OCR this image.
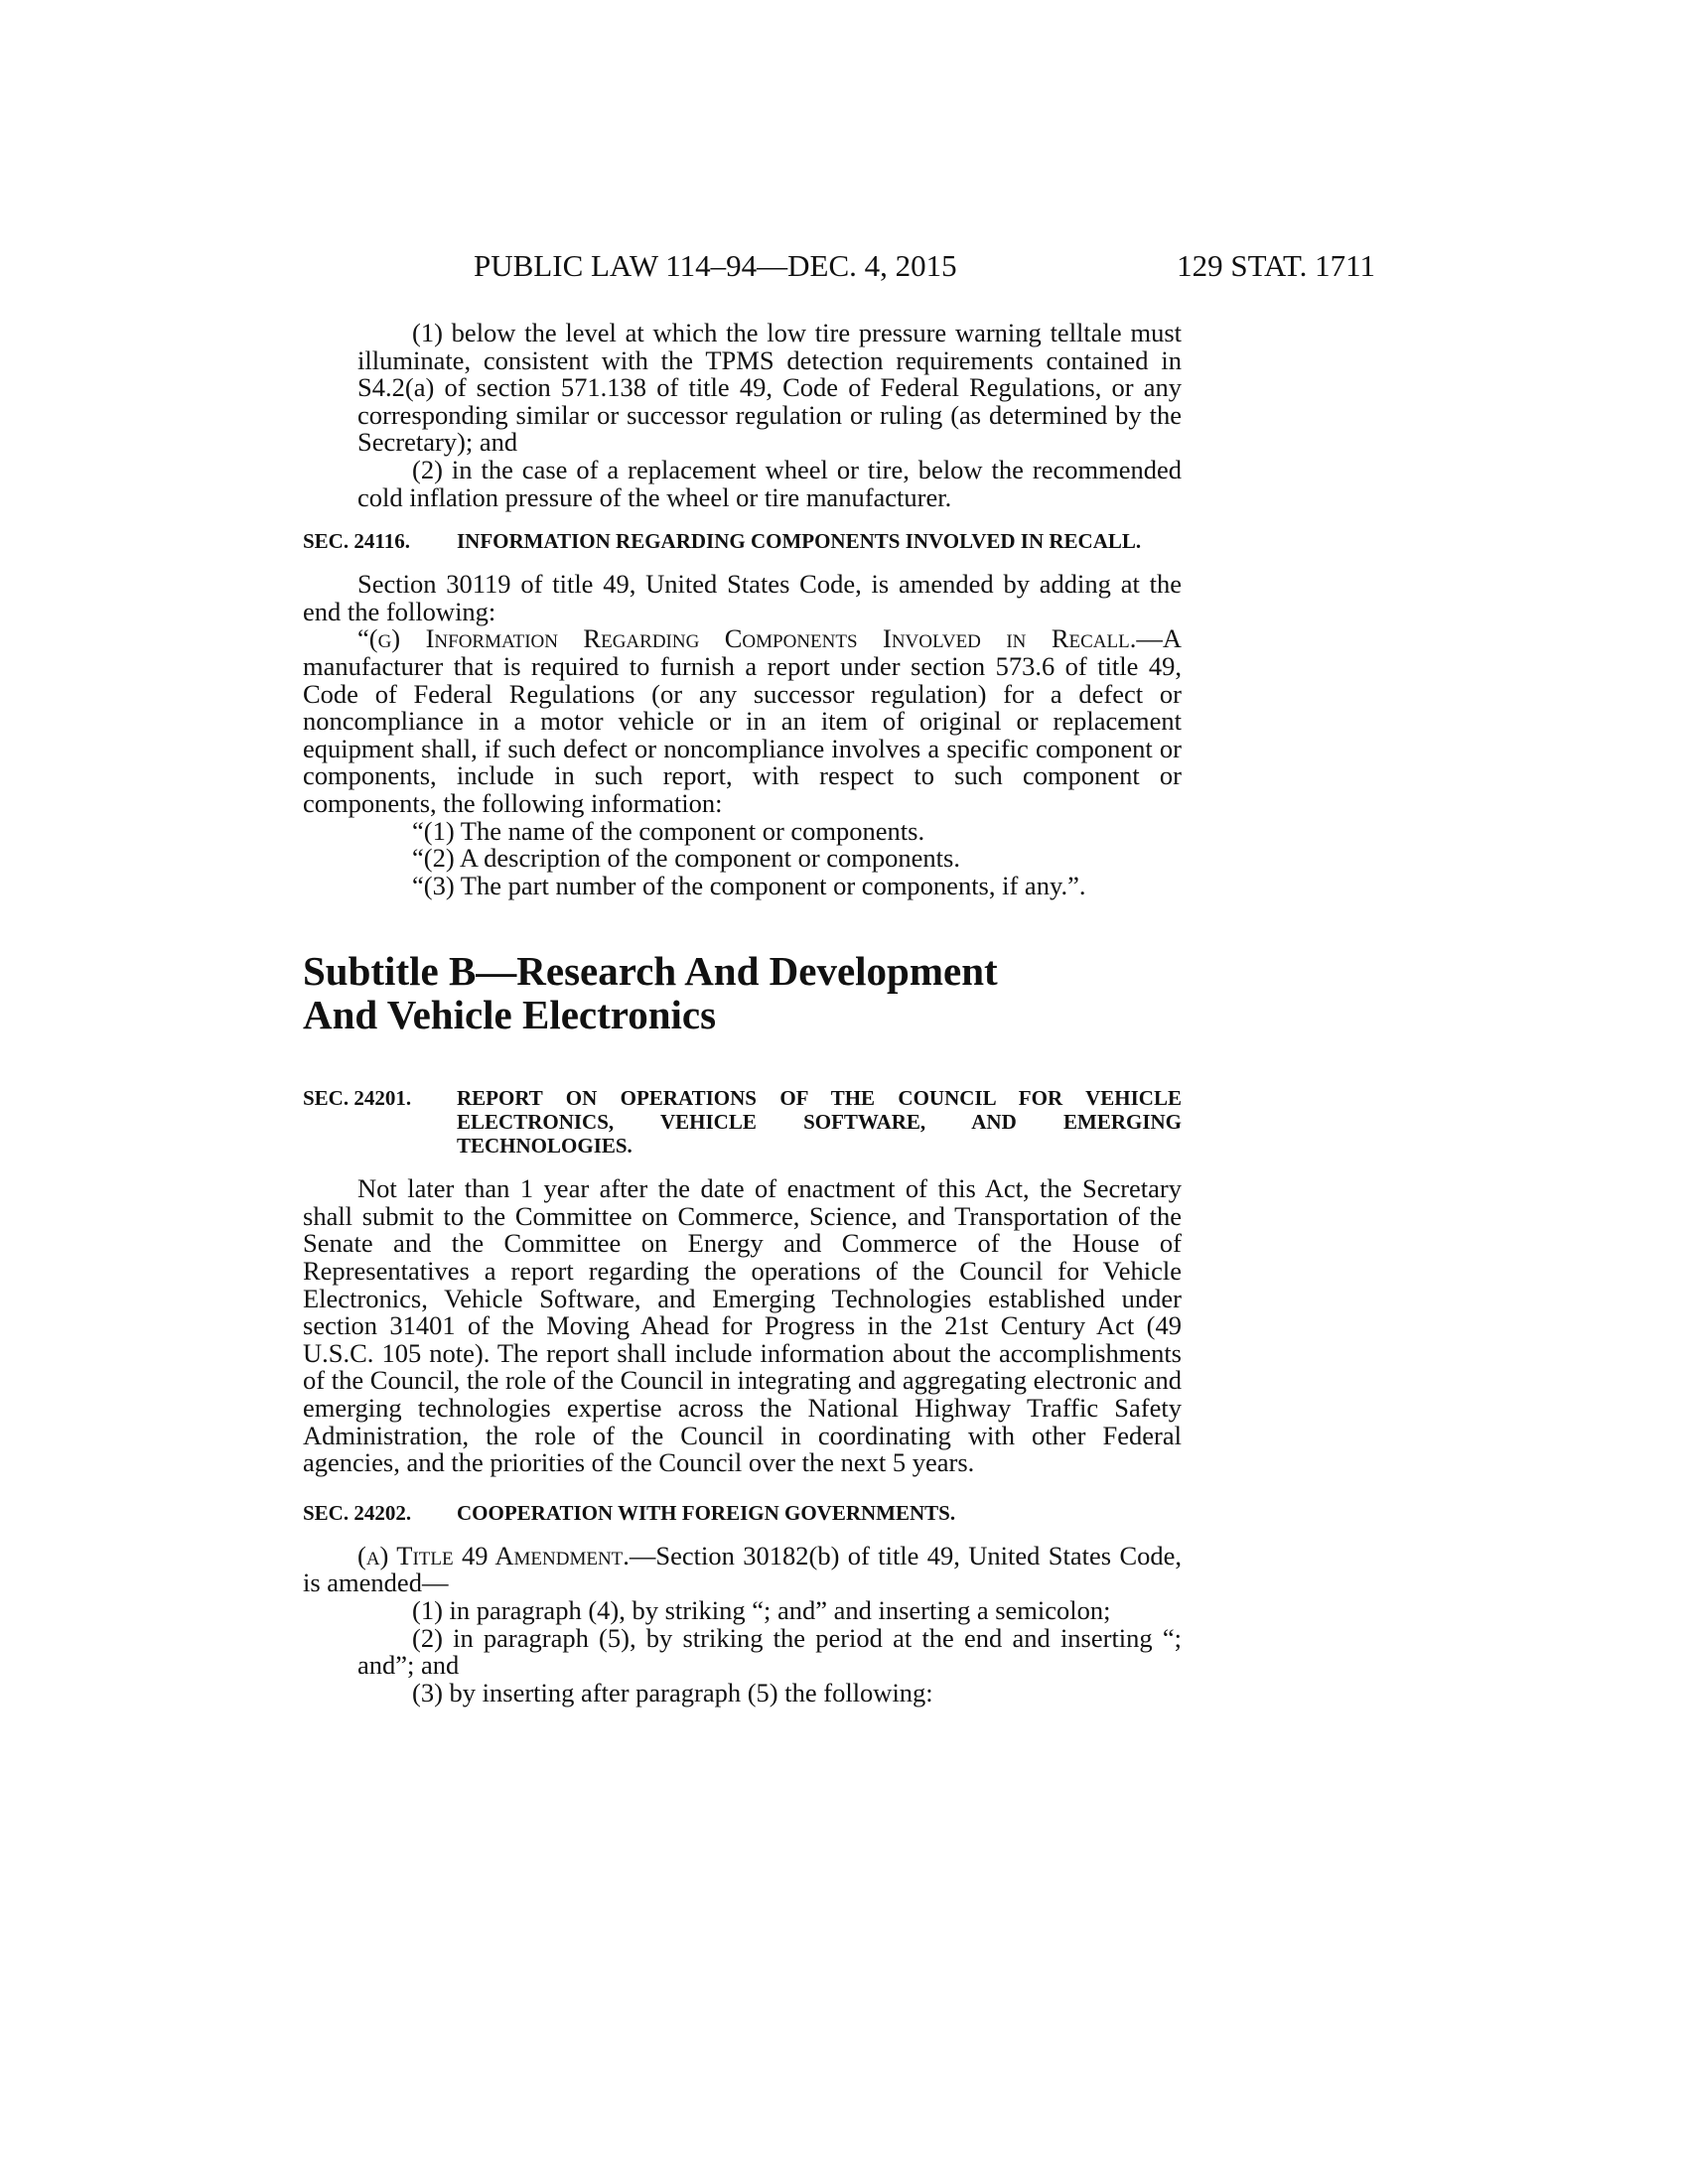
PUBLIC LAW 114–94—DEC. 4, 2015	129 STAT. 1711

(1) below the level at which the low tire pressure warning telltale must illuminate, consistent with the TPMS detection requirements contained in S4.2(a) of section 571.138 of title 49, Code of Federal Regulations, or any corresponding similar or successor regulation or ruling (as determined by the Secretary); and

(2) in the case of a replacement wheel or tire, below the recommended cold inflation pressure of the wheel or tire manufacturer.

SEC. 24116. INFORMATION REGARDING COMPONENTS INVOLVED IN RECALL.

Section 30119 of title 49, United States Code, is amended by adding at the end the following:

“(g) Information Regarding Components Involved in Recall.—A manufacturer that is required to furnish a report under section 573.6 of title 49, Code of Federal Regulations (or any successor regulation) for a defect or noncompliance in a motor vehicle or in an item of original or replacement equipment shall, if such defect or noncompliance involves a specific component or components, include in such report, with respect to such component or components, the following information:

“(1) The name of the component or components.

“(2) A description of the component or components.

“(3) The part number of the component or components, if any.”.

Subtitle B—Research And Development

And Vehicle Electronics

SEC. 24201. REPORT ON OPERATIONS OF THE COUNCIL FOR VEHICLE ELECTRONICS, VEHICLE SOFTWARE, AND EMERGING TECHNOLOGIES.

Not later than 1 year after the date of enactment of this Act, the Secretary shall submit to the Committee on Commerce, Science, and Transportation of the Senate and the Committee on Energy and Commerce of the House of Representatives a report regarding the operations of the Council for Vehicle Electronics, Vehicle Software, and Emerging Technologies established under section 31401 of the Moving Ahead for Progress in the 21st Century Act (49 U.S.C. 105 note). The report shall include information about the accomplishments of the Council, the role of the Council in integrating and aggregating electronic and emerging technologies expertise across the National Highway Traffic Safety Administration, the role of the Council in coordinating with other Federal agencies, and the priorities of the Council over the next 5 years.

SEC. 24202. COOPERATION WITH FOREIGN GOVERNMENTS.

(a) Title 49 Amendment.—Section 30182(b) of title 49, United States Code, is amended—

(1) in paragraph (4), by striking “; and” and inserting a semicolon;

(2) in paragraph (5), by striking the period at the end and inserting “; and”; and

(3) by inserting after paragraph (5) the following:
